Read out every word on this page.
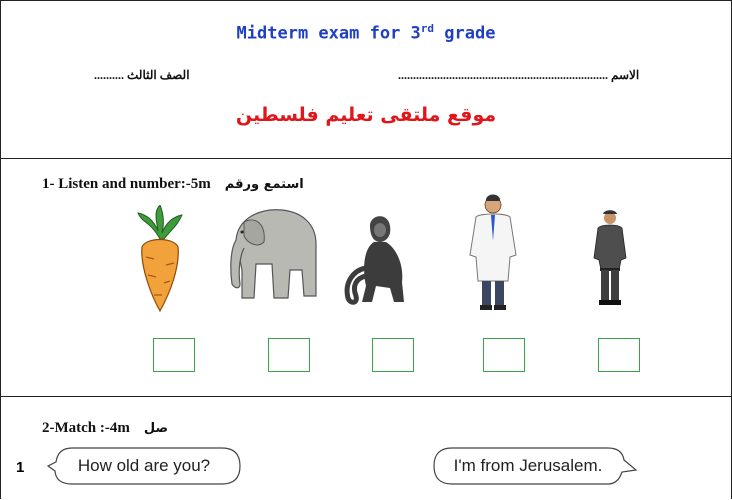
Midterm exam for 3rd grade
الصف الثالث ..........	الاسم ......................................................................
موقع ملتقى تعليم فلسطين
1- Listen and number:-5m استمع ورقم
2-Match :-4m صل
1	How old are you?	I'm from Jerusalem.
